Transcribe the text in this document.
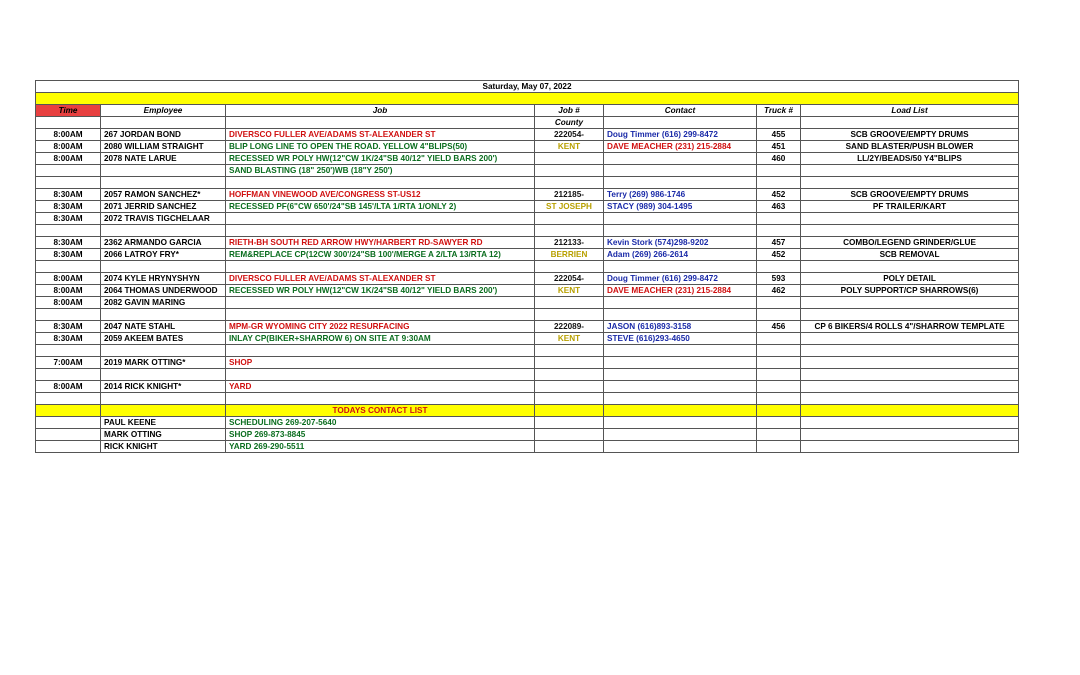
Saturday, May 07, 2022						

Time	Employee	Job	Job #	Contact	Truck #	Load List
			County			
8:00AM	267 JORDAN BOND	DIVERSCO FULLER AVE/ADAMS ST-ALEXANDER ST	222054-	Doug Timmer (616) 299-8472	455	SCB GROOVE/EMPTY DRUMS
8:00AM	2080 WILLIAM STRAIGHT	BLIP LONG LINE TO OPEN THE ROAD. YELLOW 4"BLIPS(50)	KENT	DAVE MEACHER (231) 215-2884	451	SAND BLASTER/PUSH BLOWER
8:00AM	2078 NATE LARUE	RECESSED WR POLY HW(12"CW 1K/24"SB 40/12" YIELD BARS 200')			460	LL/2Y/BEADS/50 Y4"BLIPS
		SAND BLASTING (18" 250')WB (18"Y 250')				

8:30AM	2057 RAMON SANCHEZ*	HOFFMAN VINEWOOD AVE/CONGRESS ST-US12	212185-	Terry (269) 986-1746	452	SCB GROOVE/EMPTY DRUMS
8:30AM	2071 JERRID SANCHEZ	RECESSED PF(6"CW 650'/24"SB 145'/LTA 1/RTA 1/ONLY 2)	ST JOSEPH	STACY (989) 304-1495	463	PF TRAILER/KART
8:30AM	2072 TRAVIS TIGCHELAAR					

8:30AM	2362 ARMANDO GARCIA	RIETH-BH SOUTH RED ARROW HWY/HARBERT RD-SAWYER RD	212133-	Kevin Stork (574)298-9202	457	COMBO/LEGEND GRINDER/GLUE
8:30AM	2066 LATROY FRY*	REM&REPLACE CP(12CW 300'/24"SB 100'/MERGE A 2/LTA 13/RTA 12)	BERRIEN	Adam (269) 266-2614	452	SCB REMOVAL

8:00AM	2074 KYLE HRYNYSHYN	DIVERSCO FULLER AVE/ADAMS ST-ALEXANDER ST	222054-	Doug Timmer (616) 299-8472	593	POLY DETAIL
8:00AM	2064 THOMAS UNDERWOOD	RECESSED WR POLY HW(12"CW 1K/24"SB 40/12" YIELD BARS 200')	KENT	DAVE MEACHER (231) 215-2884	462	POLY SUPPORT/CP SHARROWS(6)
8:00AM	2082 GAVIN MARING					

8:30AM	2047 NATE STAHL	MPM-GR WYOMING CITY 2022 RESURFACING	222089-	JASON (616)893-3158	456	CP 6 BIKERS/4 ROLLS 4"/SHARROW TEMPLATE
8:30AM	2059 AKEEM BATES	INLAY CP(BIKER+SHARROW 6) ON SITE AT 9:30AM	KENT	STEVE (616)293-4650		

7:00AM	2019 MARK OTTING*	SHOP				

8:00AM	2014 RICK KNIGHT*	YARD				

		TODAYS CONTACT LIST				
	PAUL KEENE	SCHEDULING 269-207-5640				
	MARK OTTING	SHOP 269-873-8845				
	RICK KNIGHT	YARD 269-290-5511				
